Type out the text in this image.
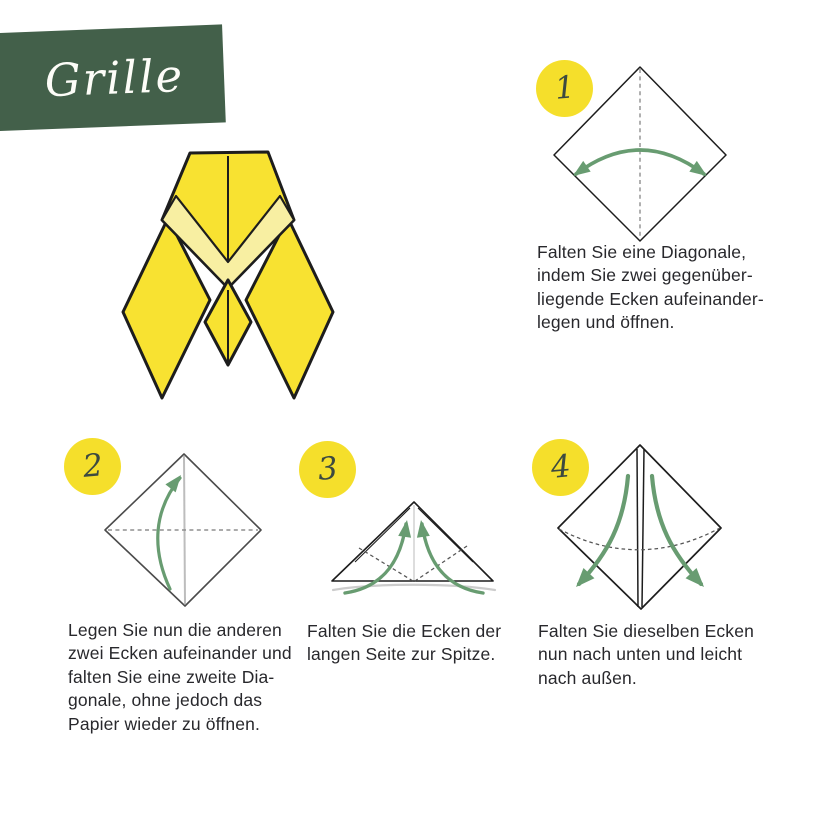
Grille	1
Falten Sie eine Diagonale,
indem Sie zwei gegenüber-
liegende Ecken aufeinander-
legen und öffnen.
2
Legen Sie nun die anderen
zwei Ecken aufeinander und
falten Sie eine zweite Dia-
gonale, ohne jedoch das
Papier wieder zu öffnen.
3
Falten Sie die Ecken der
langen Seite zur Spitze.
4
Falten Sie dieselben Ecken
nun nach unten und leicht
nach außen.
